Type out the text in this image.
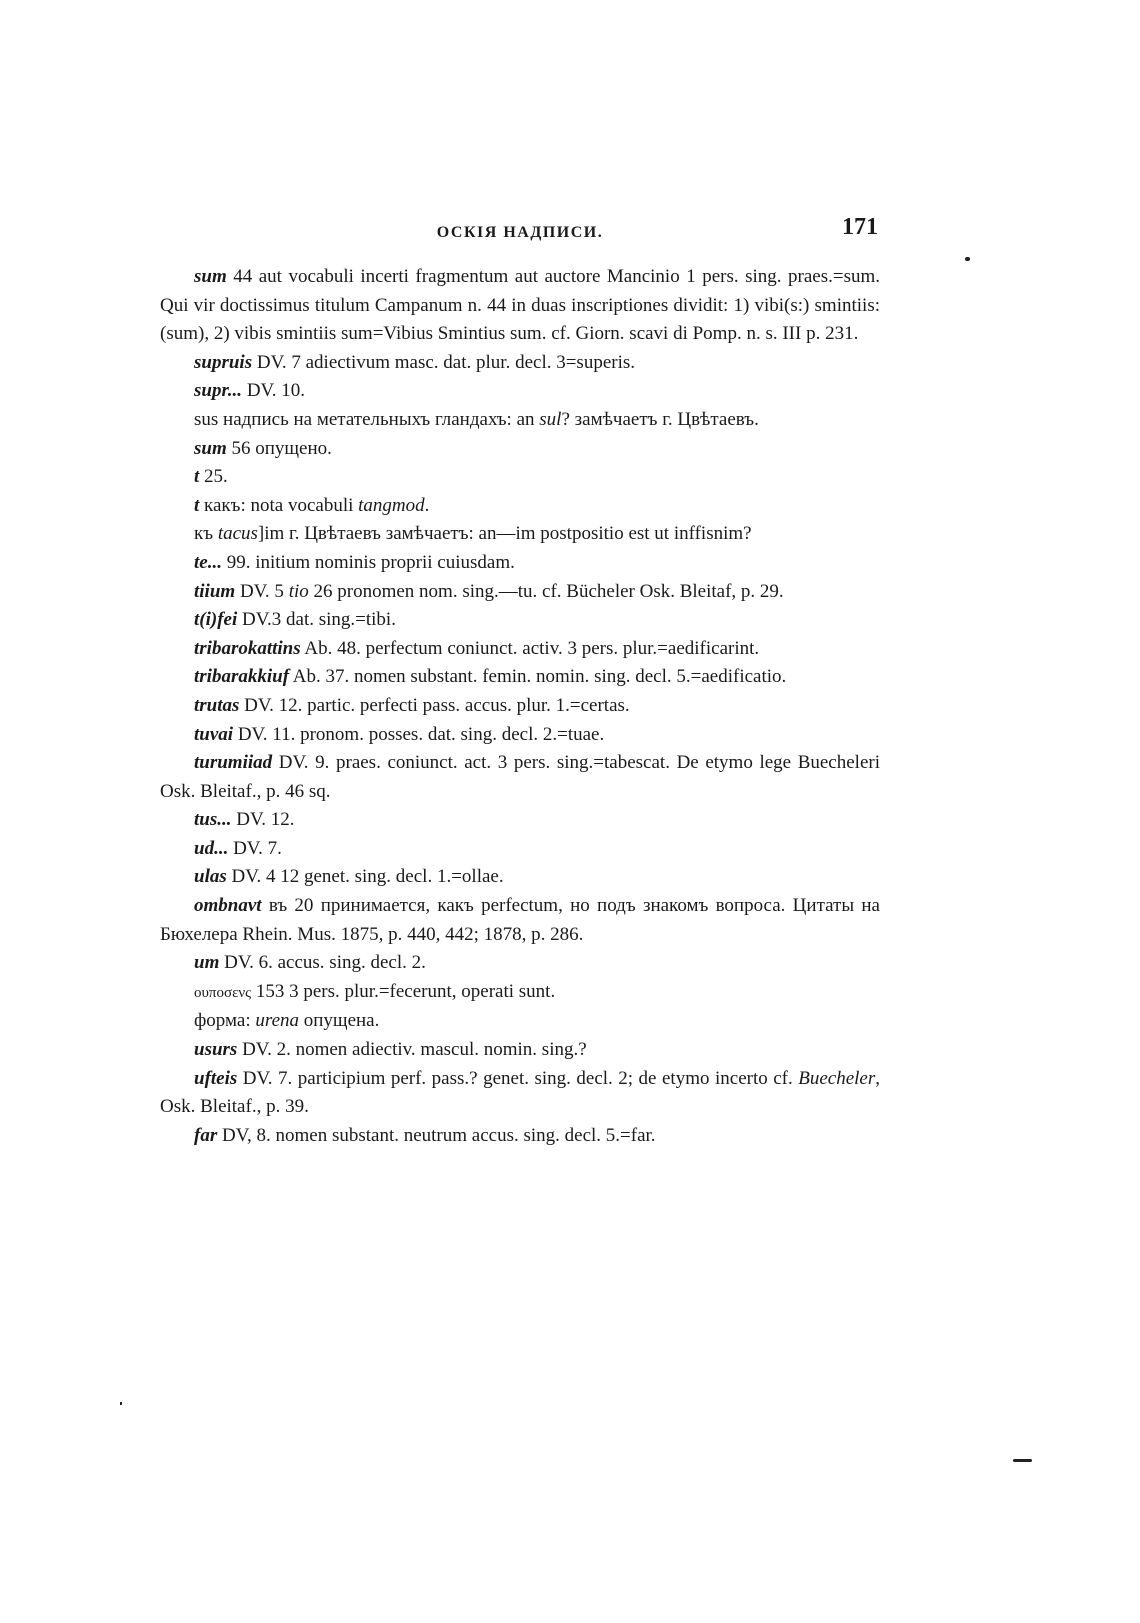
ОСКІЯ НАДПИСИ.	171

sum 44 aut vocabuli incerti fragmentum aut auctore Mancinio 1 pers. sing. praes.=sum. Qui vir doctissimus titulum Campanum n. 44 in duas inscriptiones dividit: 1) vibi(s:) smintiis: (sum), 2) vibis smintiis sum=Vibius Smintius sum. cf. Giorn. scavi di Pomp. n. s. III p. 231.

supruis DV. 7 adiectivum masc. dat. plur. decl. 3=superis.

supr... DV. 10.

sus надпись на метательныхъ гландахъ: an sul? замѣчаетъ г. Цвѣтаевъ.

sum 56 опущено.

t 25.

t какъ: nota vocabuli tangmod.

къ tacus]im г. Цвѣтаевъ замѣчаетъ: an—im postpositio est ut inffisnim?

te... 99. initium nominis proprii cuiusdam.

tiium DV. 5 tio 26 pronomen nom. sing.—tu. cf. Bücheler Osk. Bleitaf, p. 29.

t(i)fei DV.3 dat. sing.=tibi.

tribarokattins Ab. 48. perfectum coniunct. activ. 3 pers. plur.=aedificarint.

tribarakkiuf Ab. 37. nomen substant. femin. nomin. sing. decl. 5.=aedificatio.

trutas DV. 12. partic. perfecti pass. accus. plur. 1.=certas.

tuvai DV. 11. pronom. posses. dat. sing. decl. 2.=tuae.

turumiiad DV. 9. praes. coniunct. act. 3 pers. sing.=tabescat. De etymo lege Buecheleri Osk. Bleitaf., p. 46 sq.

tus... DV. 12.

ud... DV. 7.

ulas DV. 4 12 genet. sing. decl. 1.=ollae.

ombnavt въ 20 принимается, какъ perfectum, но подъ знакомъ вопроса. Цитаты на Бюхелера Rhein. Mus. 1875, p. 440, 442; 1878, p. 286.

um DV. 6. accus. sing. decl. 2.

ουποσενς 153 3 pers. plur.=fecerunt, operati sunt.

форма: urena опущена.

usurs DV. 2. nomen adiectiv. mascul. nomin. sing.?

ufteis DV. 7. participium perf. pass.? genet. sing. decl. 2; de etymo incerto cf. Buecheler, Osk. Bleitaf., p. 39.

far DV, 8. nomen substant. neutrum accus. sing. decl. 5.=far.
